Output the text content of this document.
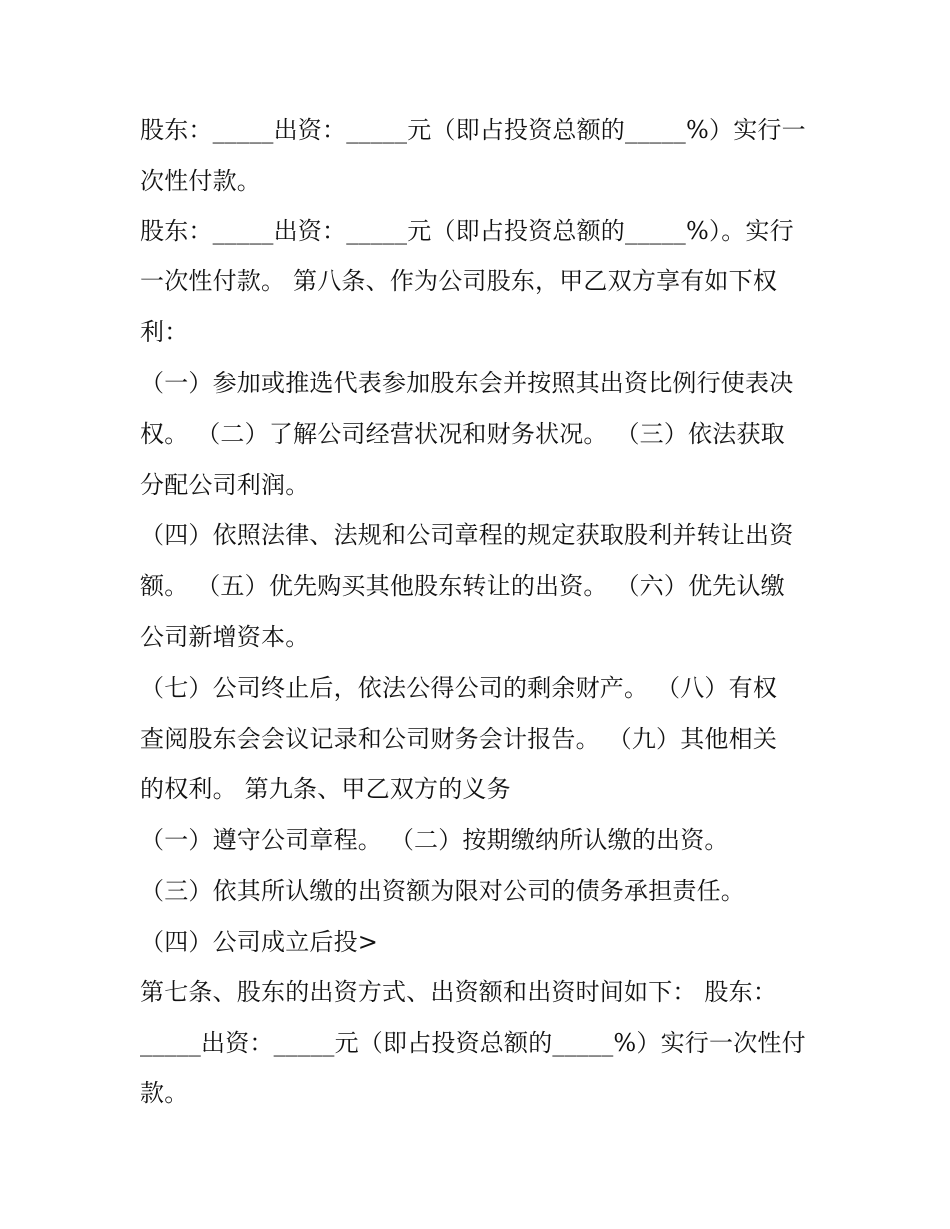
股东：_____出资：_____元（即占投资总额的_____%）实行一
次性付款。
股东：_____出资：_____元（即占投资总额的_____%）。实行
一次性付款。 第八条、作为公司股东，甲乙双方享有如下权
利：
（一）参加或推选代表参加股东会并按照其出资比例行使表决
权。 （二）了解公司经营状况和财务状况。 （三）依法获取
分配公司利润。
（四）依照法律、法规和公司章程的规定获取股利并转让出资
额。 （五）优先购买其他股东转让的出资。 （六）优先认缴
公司新增资本。
（七）公司终止后，依法公得公司的剩余财产。 （八）有权
查阅股东会会议记录和公司财务会计报告。 （九）其他相关
的权利。 第九条、甲乙双方的义务
（一）遵守公司章程。 （二）按期缴纳所认缴的出资。
（三）依其所认缴的出资额为限对公司的债务承担责任。
（四）公司成立后投>
第七条、股东的出资方式、出资额和出资时间如下： 股东：
_____出资：_____元（即占投资总额的_____%）实行一次性付
款。
